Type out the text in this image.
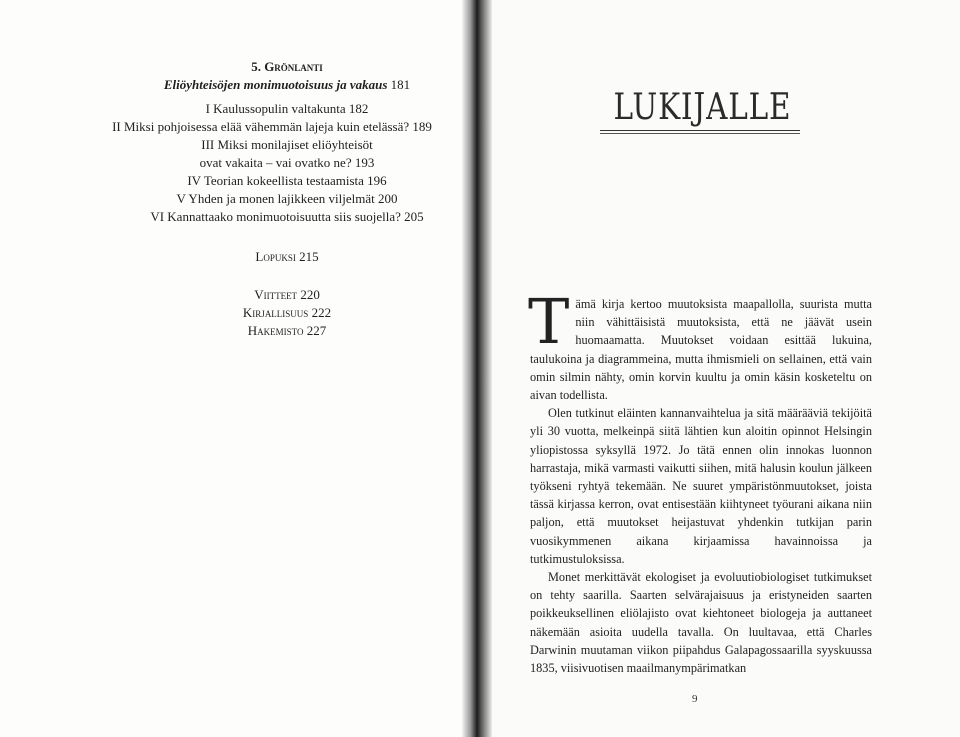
5. Grönlanti
Eliöyhteisöjen monimuotoisuus ja vakaus 181
I Kaulussopulin valtakunta 182
II Miksi pohjoisessa elää vähemmän lajeja kuin etelässä? 189
III Miksi monilajiset eliöyhteisöt
ovat vakaita – vai ovatko ne? 193
IV Teorian kokeellista testaamista 196
V Yhden ja monen lajikkeen viljelmät 200
VI Kannattaako monimuotoisuutta siis suojella? 205
Lopuksi 215
Viitteet 220
Kirjallisuus 222
Hakemisto 227
LUKIJALLE

T ämä kirja kertoo muutoksista maapallolla, suurista mutta niin vähittäisistä muutoksista, että ne jäävät usein huomaamatta. Muutokset voidaan esittää lukuina, taulukoina ja diagrammeina, mutta ihmismieli on sellainen, että vain omin silmin nähty, omin korvin kuultu ja omin käsin kosketeltu on aivan todellista.

Olen tutkinut eläinten kannanvaihtelua ja sitä määrääviä tekijöitä yli 30 vuotta, melkeinpä siitä lähtien kun aloitin opinnot Helsingin yliopistossa syksyllä 1972. Jo tätä ennen olin innokas luonnon harrastaja, mikä varmasti vaikutti siihen, mitä halusin koulun jälkeen työkseni ryhtyä tekemään. Ne suuret ympäristönmuutokset, joista tässä kirjassa kerron, ovat entisestään kiihtyneet työurani aikana niin paljon, että muutokset heijastuvat yhdenkin tutkijan parin vuosikymmenen aikana kirjaamissa havainnoissa ja tutkimustuloksissa.

Monet merkittävät ekologiset ja evoluutiobiologiset tutkimukset on tehty saarilla. Saarten selvärajaisuus ja eristyneiden saarten poikkeuksellinen eliölajisto ovat kiehtoneet biologeja ja auttaneet näkemään asioita uudella tavalla. On luultavaa, että Charles Darwinin muutaman viikon piipahdus Galapagossaarilla syyskuussa 1835, viisivuotisen maailmanympärimatkan

9
